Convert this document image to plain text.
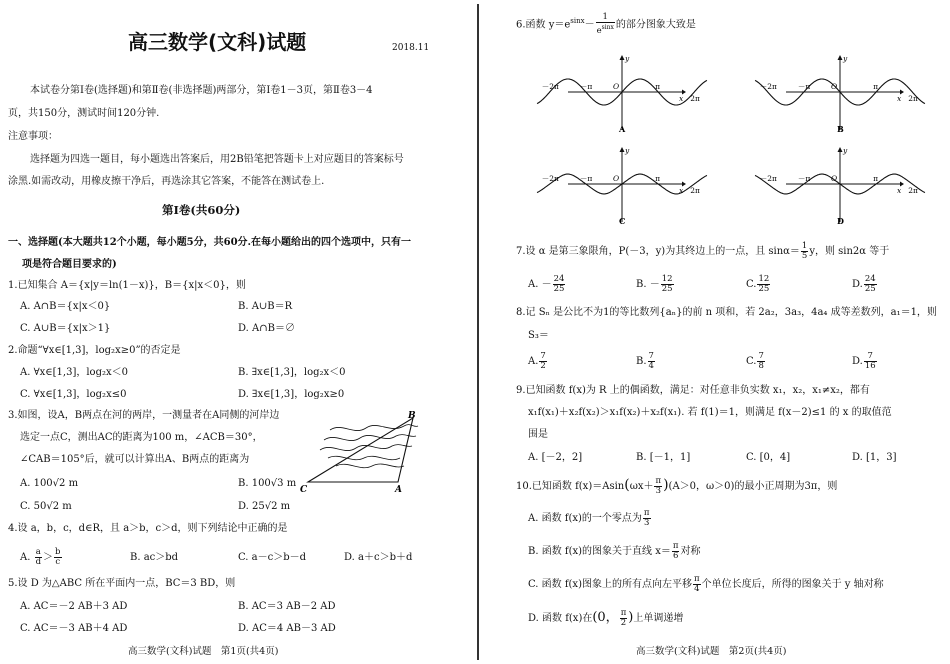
高三数学(文科)试题	2018.11
本试卷分第Ⅰ卷(选择题)和第Ⅱ卷(非选择题)两部分，第Ⅰ卷1－3页，第Ⅱ卷3－4
页，共150分，测试时间120分钟.
注意事项：
选择题为四选一题目，每小题选出答案后，用2B铅笔把答题卡上对应题目的答案标号
涂黑.如需改动，用橡皮擦干净后，再选涂其它答案，不能答在测试卷上.
第Ⅰ卷(共60分)
一、选择题(本大题共12个小题，每小题5分，共60分.在每小题给出的四个选项中，只有一
项是符合题目要求的)
1.已知集合 A＝{x|y＝ln(1－x)}，B＝{x|x＜0}，则
A. A∩B＝{x|x＜0}	B. A∪B＝R
C. A∪B＝{x|x＞1}	D. A∩B＝∅
2.命题“∀x∈[1,3]，log₂x≥0”的否定是
A. ∀x∈[1,3]，log₂x＜0	B. ∃x∈[1,3]，log₂x＜0
C. ∀x∈[1,3]，log₂x≤0	D. ∃x∈[1,3]，log₂x≥0
3.如图，设A，B两点在河的两岸，一测量者在A同侧的河岸边
选定一点C，测出AC的距离为100 m，∠ACB＝30°，
∠CAB＝105°后，就可以计算出A、B两点的距离为
A. 100√2 m	B. 100√3 m
C. 50√2 m	D. 25√2 m
B
C	A
4.设 a，b，c，d∈R，且 a＞b，c＞d，则下列结论中正确的是
A. $\frac{a}{d} > \frac{b}{c}$	B. ac＞bd	C. a－c＞b－d	D. a＋c＞b＋d
5.设 D 为△ABC 所在平面内一点，BC＝3 BD，则
A. AC＝－2 AB＋3 AD	B. AC＝3 AB－2 AD
C. AC＝－3 AB＋4 AD	D. AC＝4 AB－3 AD
高三数学(文科)试题　第1页(共4页)
6.函数 $y=e^{sinx}- \frac{1}{e^{sinx}}$ 的部分图象大致是
－2π	－π	O	π
2π
x
y
A
－2π	－π	O	π
2π
x
y
B
－2π	－π	O	π
2π
x
y
C
－2π	－π	O	π
2π
x
y
D
7.设 α 是第三象限角，P(－3，y)为其终边上的一点，且 $\sin\alpha= \frac{1}{5}$ y，则 sin2α 等于
A. － $\frac{24}{25}$	B. － $\frac{12}{25}$	C. $\frac{12}{25}$	D. $\frac{24}{25}$
8.记 Sₙ 是公比不为1的等比数列{aₙ}的前 n 项和，若 2a₂，3a₃，4a₄ 成等差数列，a₁＝1，则
S₃＝
A. $\frac{7}{2}$	B. $\frac{7}{4}$	C. $\frac{7}{8}$	D. $\frac{7}{16}$
9.已知函数 f(x)为 R 上的偶函数，满足：对任意非负实数 x₁，x₂，x₁≠x₂，都有
x₁f(x₁)＋x₂f(x₂)＞x₁f(x₂)＋x₂f(x₁). 若 f(1)＝1，则满足 f(x－2)≤1 的 x 的取值范
围是
A. [－2，2]	B. [－1，1]	C. [0，4]	D. [1，3]
10.已知函数 $f(x)=Asin(\omega x+ \frac{\pi}{3} )(A>0$，ω＞0)的最小正周期为3π，则
A. 函数 f(x)的一个零点为 $\frac{\pi}{3}$
B. 函数 f(x)的图象关于直线 $x= \frac{\pi}{6}$ 对称
C. 函数 f(x)图象上的所有点向左平移 $\frac{\pi}{4}$ 个单位长度后，所得的图象关于 y 轴对称
D. 函数 f(x)在(0， $\frac{\pi}{2}$ )上单调递增
高三数学(文科)试题　第2页(共4页)
